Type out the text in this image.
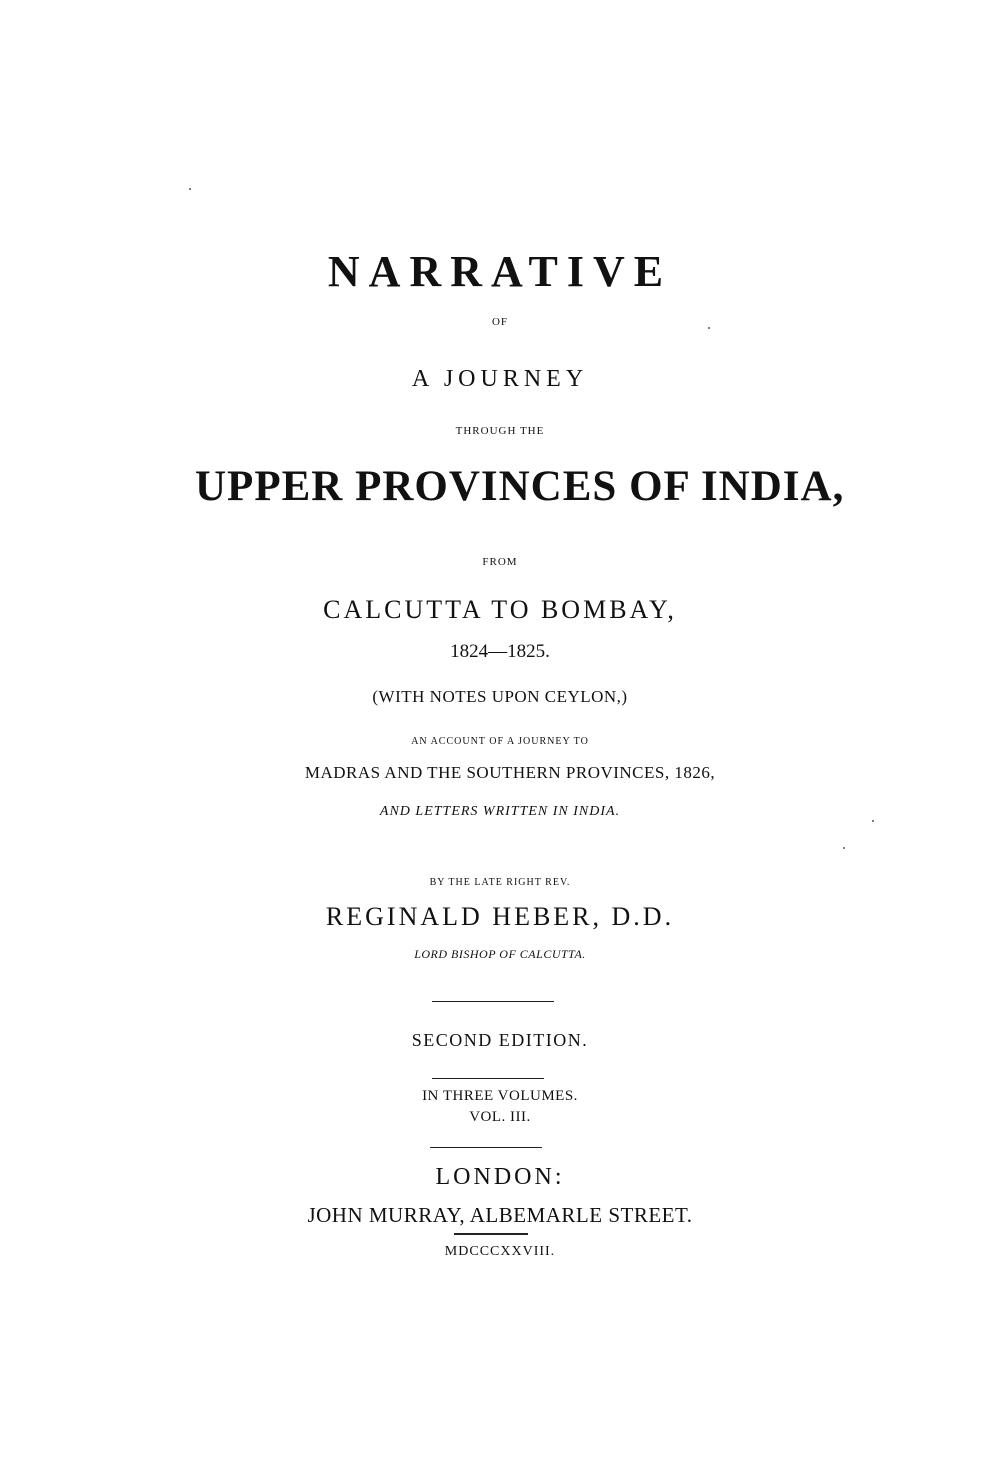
NARRATIVE
OF
A JOURNEY
THROUGH THE
UPPER PROVINCES OF INDIA,
FROM
CALCUTTA TO BOMBAY,
1824—1825.
(WITH NOTES UPON CEYLON,)
AN ACCOUNT OF A JOURNEY TO
MADRAS AND THE SOUTHERN PROVINCES, 1826,
AND LETTERS WRITTEN IN INDIA.
BY THE LATE RIGHT REV.
REGINALD HEBER, D.D.
LORD BISHOP OF CALCUTTA.
SECOND EDITION.
IN THREE VOLUMES.
VOL. III.
LONDON:
JOHN MURRAY, ALBEMARLE STREET.
MDCCCXXVIII.
